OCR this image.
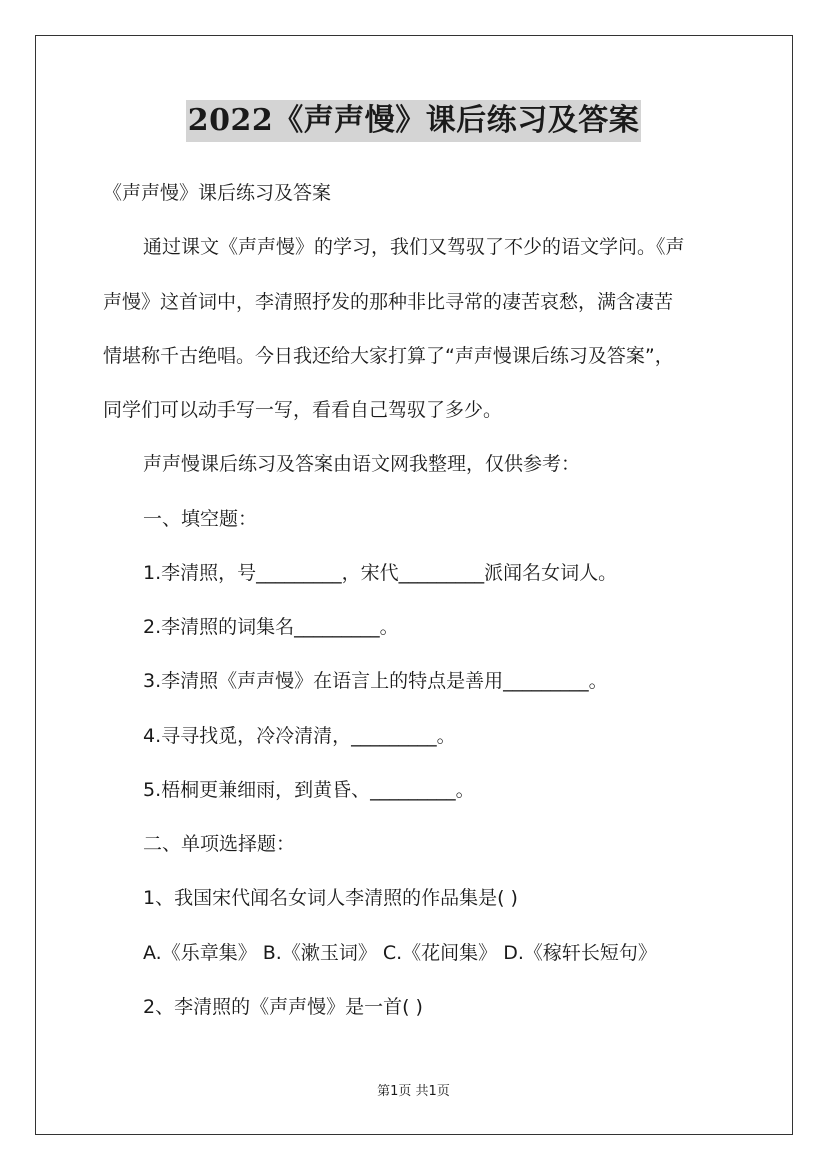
2022《声声慢》课后练习及答案
《声声慢》课后练习及答案
通过课文《声声慢》的学习，我们又驾驭了不少的语文学问。《声
声慢》这首词中，李清照抒发的那种非比寻常的凄苦哀愁，满含凄苦
情堪称千古绝唱。今日我还给大家打算了“声声慢课后练习及答案”，
同学们可以动手写一写，看看自己驾驭了多少。
声声慢课后练习及答案由语文网我整理，仅供参考：
一、填空题：
1.李清照，号_________，宋代_________派闻名女词人。
2.李清照的词集名_________。
3.李清照《声声慢》在语言上的特点是善用_________。
4.寻寻找觅，冷冷清清，_________。
5.梧桐更兼细雨，到黄昏、_________。
二、单项选择题：
1、我国宋代闻名女词人李清照的作品集是( )
A.《乐章集》 B.《漱玉词》 C.《花间集》 D.《稼轩长短句》
2、李清照的《声声慢》是一首( )
第1页 共1页
